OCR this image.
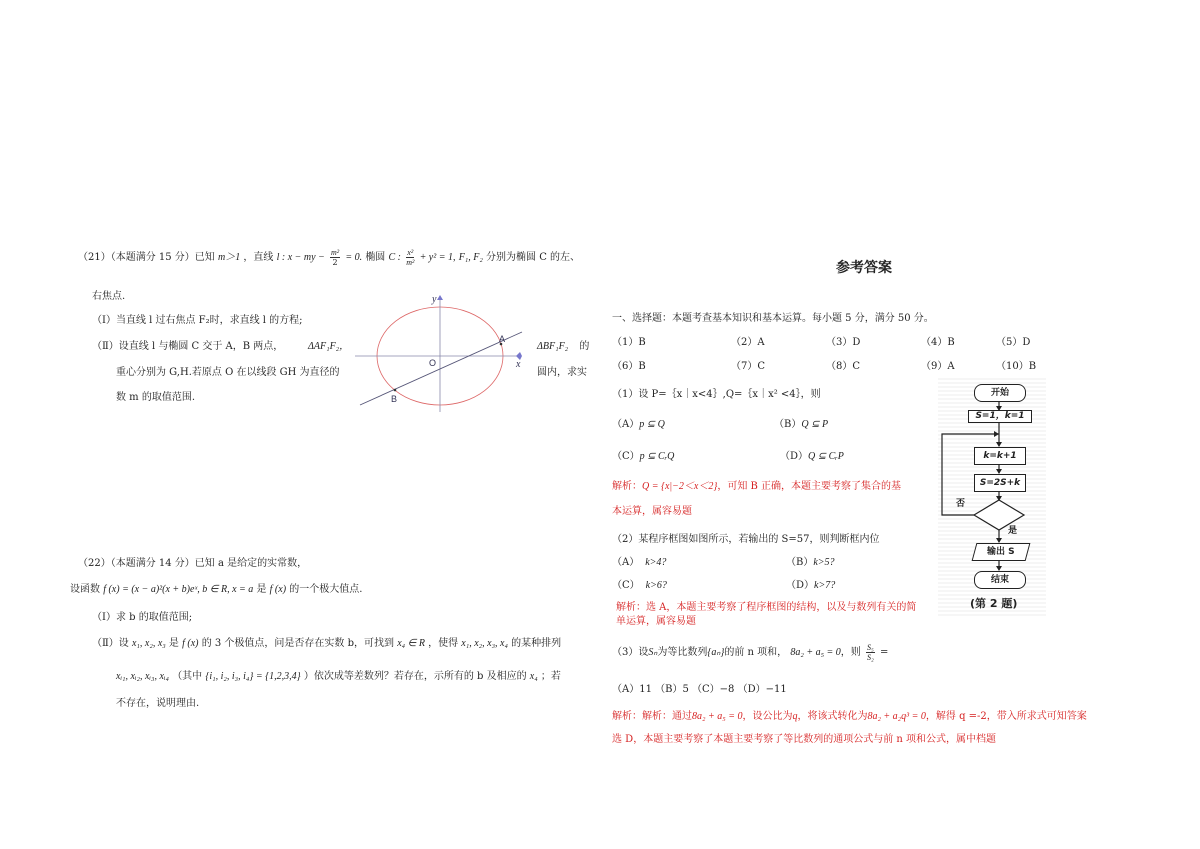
（21）（本题满分 15 分）已知 m＞1 ，直线 l : x − my − $\frac{\text{m²}}{2} = 0$. 椭圆 C : $\frac{\text{x²}}{\text{m²}} + y^2 = 1$, F₁, F₂ 分别为椭圆 C 的左、
右焦点.
（Ⅰ）当直线 l 过右焦点 F₂时，求直线 l 的方程;
（Ⅱ）设直线 l 与椭圆 C 交于 A，B 两点， ΔAF₁F₂，	ΔBF₁F₂ 的
重心分别为 G,H.若原点 O 在以线段 GH 为直径的	圆内，求实
数 m 的取值范围.
y
x
O
A
B
（22）（本题满分 14 分）已知 a 是给定的实常数，
设函数 f (x) = (x − a)²(x + b)eˣ, b ∈ R, x = a 是 f (x) 的一个极大值点.
（Ⅰ）求 b 的取值范围;
（Ⅱ）设 x₁, x₂, x₃ 是 f (x) 的 3 个极值点，问是否存在实数 b，可找到 x₄ ∈ R ，使得 x₁, x₂, x₃, x₄ 的某种排列
xᵢ₁, xᵢ₂, xᵢ₃, xᵢ₄ （其中 {i₁, i₂, i₃, i₄} = {1,2,3,4} ）依次成等差数列？若存在，示所有的 b 及相应的 x₄ ；若
不存在，说明理由.
参考答案
一、选择题：本题考查基本知识和基本运算。每小题 5 分，满分 50 分。
（1）B	（2）A	（3）D	（4）B	（5）D
（6）B	（7）C	（8）C	（9）A	（10）B
（1）设 P=｛x｜x<4｝,Q=｛x｜x² <4｝，则
（A）p ⊆ Q	（B）Q ⊆ P
（C）p ⊆ CᵣQ	（D）Q ⊆ CᵣP
解析：Q = {x|−2＜x＜2}，可知 B 正确，本题主要考察了集合的基
本运算，属容易题
（2）某程序框图如图所示，若输出的 S=57，则判断框内位
（A） k>4?	（B）k>5?
（C） k>6?	（D）k>7?
解析：选 A，本题主要考察了程序框图的结构，以及与数列有关的简
单运算，属容易题
（3）设Sₙ为等比数列{aₙ}的前 n 项和， 8a₂ + a₅ = 0，则 $\frac{\text{S₅}}{\text{S₂}}$ =
（A）11 （B）5 （C）−8 （D）−11
解析：解析：通过8a₂ + a₅ = 0，设公比为q，将该式转化为8a₂ + a₂q³ = 0，解得 q =-2，带入所求式可知答案
选 D，本题主要考察了本题主要考察了等比数列的通项公式与前 n 项和公式，属中档题
开始
S=1，k=1
k=k+1
S=2S+k
否
是
输出 S
结束
(第 2 题)
